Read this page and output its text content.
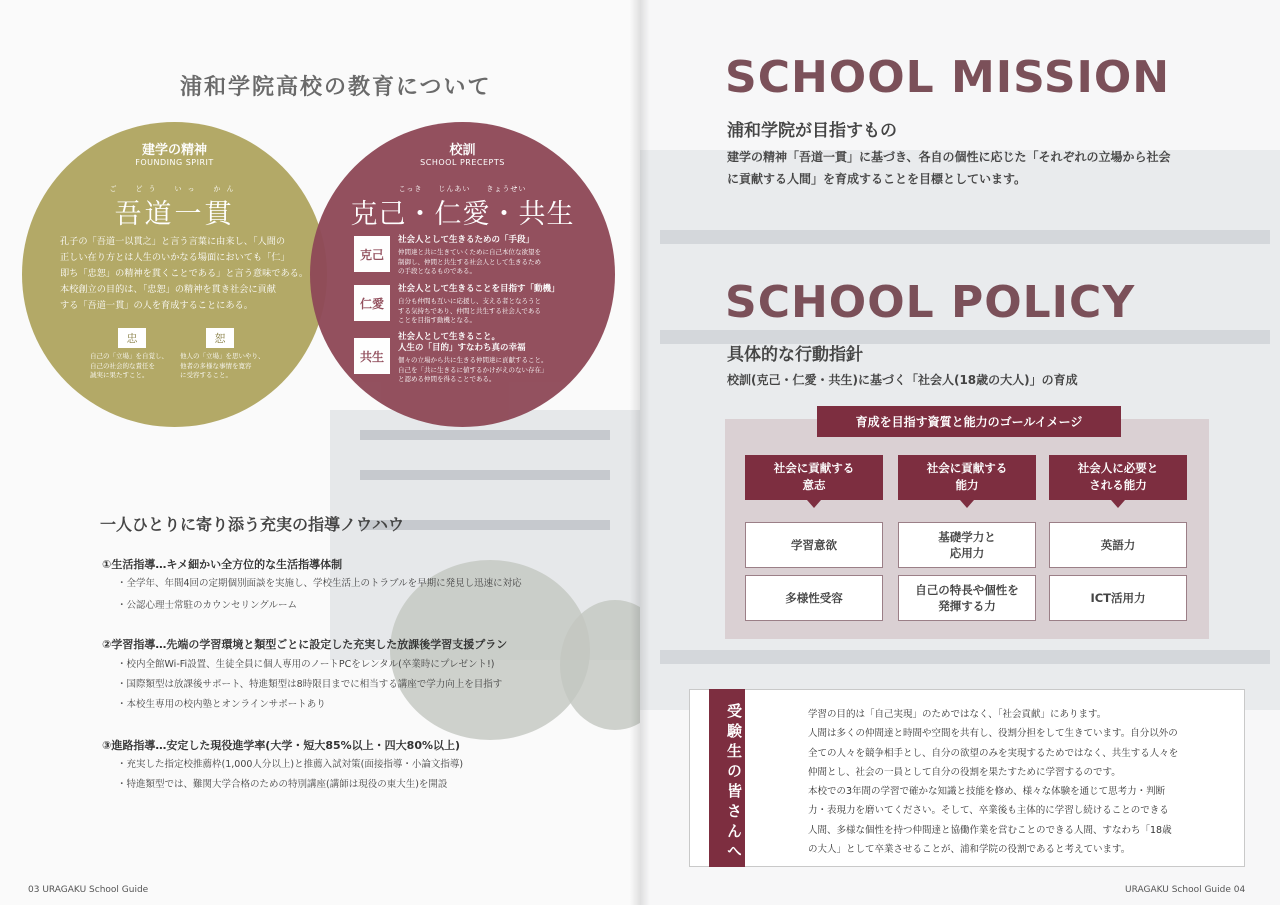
浦和学院高校の教育について
建学の精神
FOUNDING SPIRIT
ご　どう　いっ　かん
吾道一貫
孔子の「吾道一以貫之」と言う言葉に由来し、「人間の
正しい在り方とは人生のいかなる場面においても「仁」
即ち「忠恕」の精神を貫くことである」と言う意味である。
本校創立の目的は、「忠恕」の精神を貫き社会に貢献
する「吾道一貫」の人を育成することにある。
忠	恕
自己の「立場」を自覚し、
自己の社会的な責任を
誠実に果たすこと。
他人の「立場」を思いやり、
他者の多様な事情を寛容
に受容すること。
校訓
SCHOOL PRECEPTS
こっき　　じんあい　　きょうせい
克己・仁愛・共生
克己
社会人として生きるための「手段」
仲間達と共に生きていくために自己本位な欲望を
制御し、仲間と共生する社会人として生きるため
の手段となるものである。
仁愛
社会人として生きることを目指す「動機」
自分も仲間も互いに応援し、支える者となろうと
する気持ちであり、仲間と共生する社会人である
ことを目指す動機となる。
共生
社会人として生きること。
人生の「目的」すなわち真の幸福
個々の立場から共に生きる仲間達に貢献すること。
自己を「共に生きるに値するかけがえのない存在」
と認める仲間を得ることである。
一人ひとりに寄り添う充実の指導ノウハウ
①生活指導…キメ細かい全方位的な生活指導体制
・全学年、年間4回の定期個別面談を実施し、学校生活上のトラブルを早期に発見し迅速に対応
・公認心理士常駐のカウンセリングルーム
②学習指導…先端の学習環境と類型ごとに設定した充実した放課後学習支援プラン
・校内全館Wi-Fi設置、生徒全員に個人専用のノートPCをレンタル(卒業時にプレゼント!)
・国際類型は放課後サポート、特進類型は8時限目までに相当する講座で学力向上を目指す
・本校生専用の校内塾とオンラインサポートあり
③進路指導…安定した現役進学率(大学・短大85%以上・四大80%以上)
・充実した指定校推薦枠(1,000人分以上)と推薦入試対策(面接指導・小論文指導)
・特進類型では、難関大学合格のための特別講座(講師は現役の東大生)を開設
03 URAGAKU School Guide
SCHOOL MISSION
浦和学院が目指すもの
建学の精神「吾道一貫」に基づき、各自の個性に応じた「それぞれの立場から社会
に貢献する人間」を育成することを目標としています。
SCHOOL POLICY
具体的な行動指針
校訓(克己・仁愛・共生)に基づく「社会人(18歳の大人)」の育成
育成を目指す資質と能力のゴールイメージ
社会に貢献する
意志
社会に貢献する
能力
社会人に必要と
される能力
学習意欲
多様性受容
基礎学力と
応用力
自己の特長や個性を
発揮する力
英語力
ICT活用力
受験生の皆さんへ	学習の目的は「自己実現」のためではなく、「社会貢献」にあります。
人間は多くの仲間達と時間や空間を共有し、役割分担をして生きています。自分以外の
全ての人々を競争相手とし、自分の欲望のみを実現するためではなく、共生する人々を
仲間とし、社会の一員として自分の役割を果たすために学習するのです。
本校での3年間の学習で確かな知識と技能を修め、様々な体験を通じて思考力・判断
力・表現力を磨いてください。そして、卒業後も主体的に学習し続けることのできる
人間、多様な個性を持つ仲間達と協働作業を営むことのできる人間、すなわち「18歳
の大人」として卒業させることが、浦和学院の役割であると考えています。
URAGAKU School Guide 04
